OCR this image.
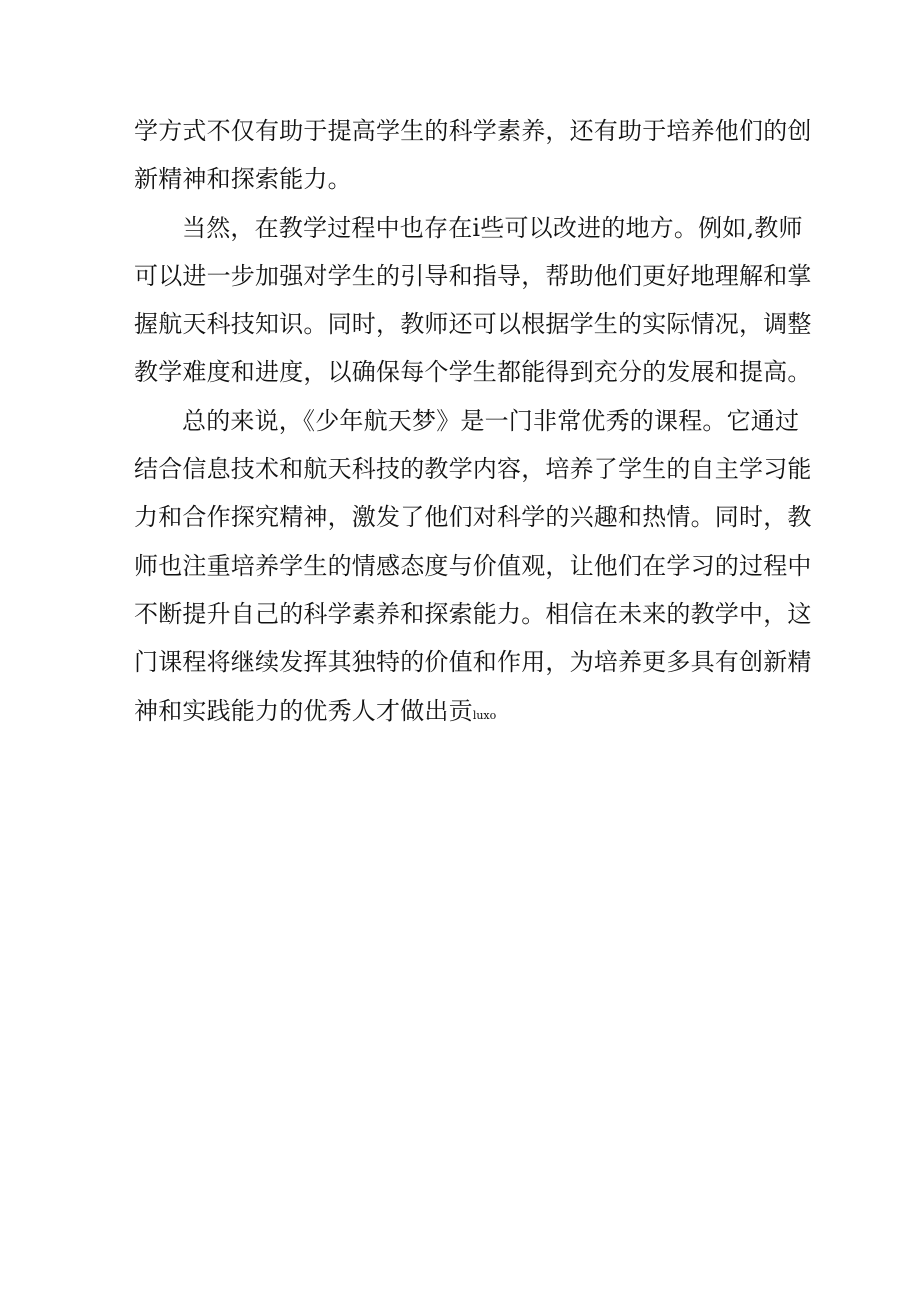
学方式不仅有助于提高学生的科学素养，还有助于培养他们的创
新精神和探索能力。
当然，在教学过程中也存在i些可以改进的地方。例如,教师
可以进一步加强对学生的引导和指导，帮助他们更好地理解和掌
握航天科技知识。同时，教师还可以根据学生的实际情况，调整
教学难度和进度，以确保每个学生都能得到充分的发展和提高。
总的来说，《少年航天梦》是一门非常优秀的课程。它通过
结合信息技术和航天科技的教学内容，培养了学生的自主学习能
力和合作探究精神，激发了他们对科学的兴趣和热情。同时，教
师也注重培养学生的情感态度与价值观，让他们在学习的过程中
不断提升自己的科学素养和探索能力。相信在未来的教学中，这
门课程将继续发挥其独特的价值和作用，为培养更多具有创新精
神和实践能力的优秀人才做出贡luxo
